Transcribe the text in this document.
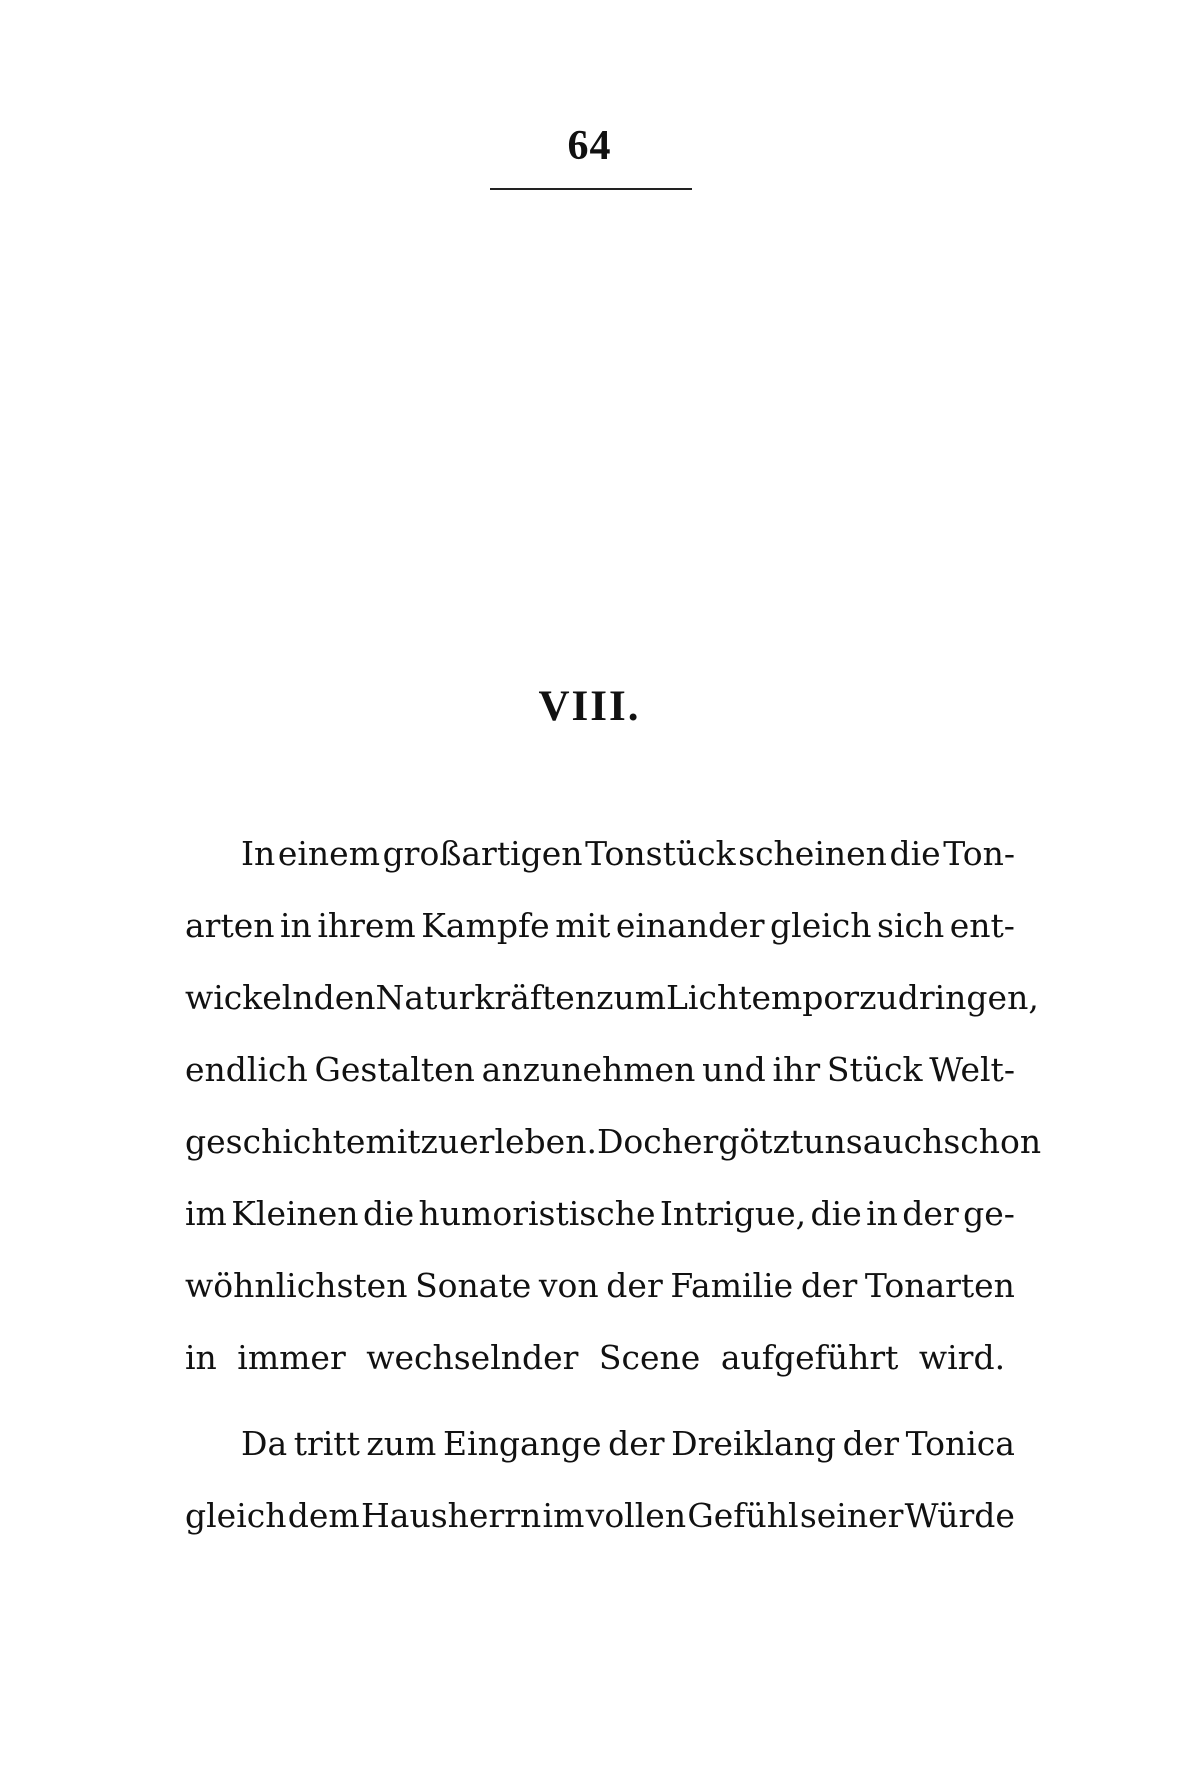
64
VIII.
In einem großartigen Tonstück scheinen die Ton-
arten in ihrem Kampfe mit einander gleich sich ent-
wickelnden Naturkräften zum Licht empor zu dringen,
endlich Gestalten anzunehmen und ihr Stück Welt-
geschichte mit zu erleben. Doch ergötzt uns auch schon
im Kleinen die humoristische Intrigue, die in der ge-
wöhnlichsten Sonate von der Familie der Tonarten
in immer wechselnder Scene aufgeführt wird.
Da tritt zum Eingange der Dreiklang der Tonica
gleich dem Hausherrn im vollen Gefühl seiner Würde
